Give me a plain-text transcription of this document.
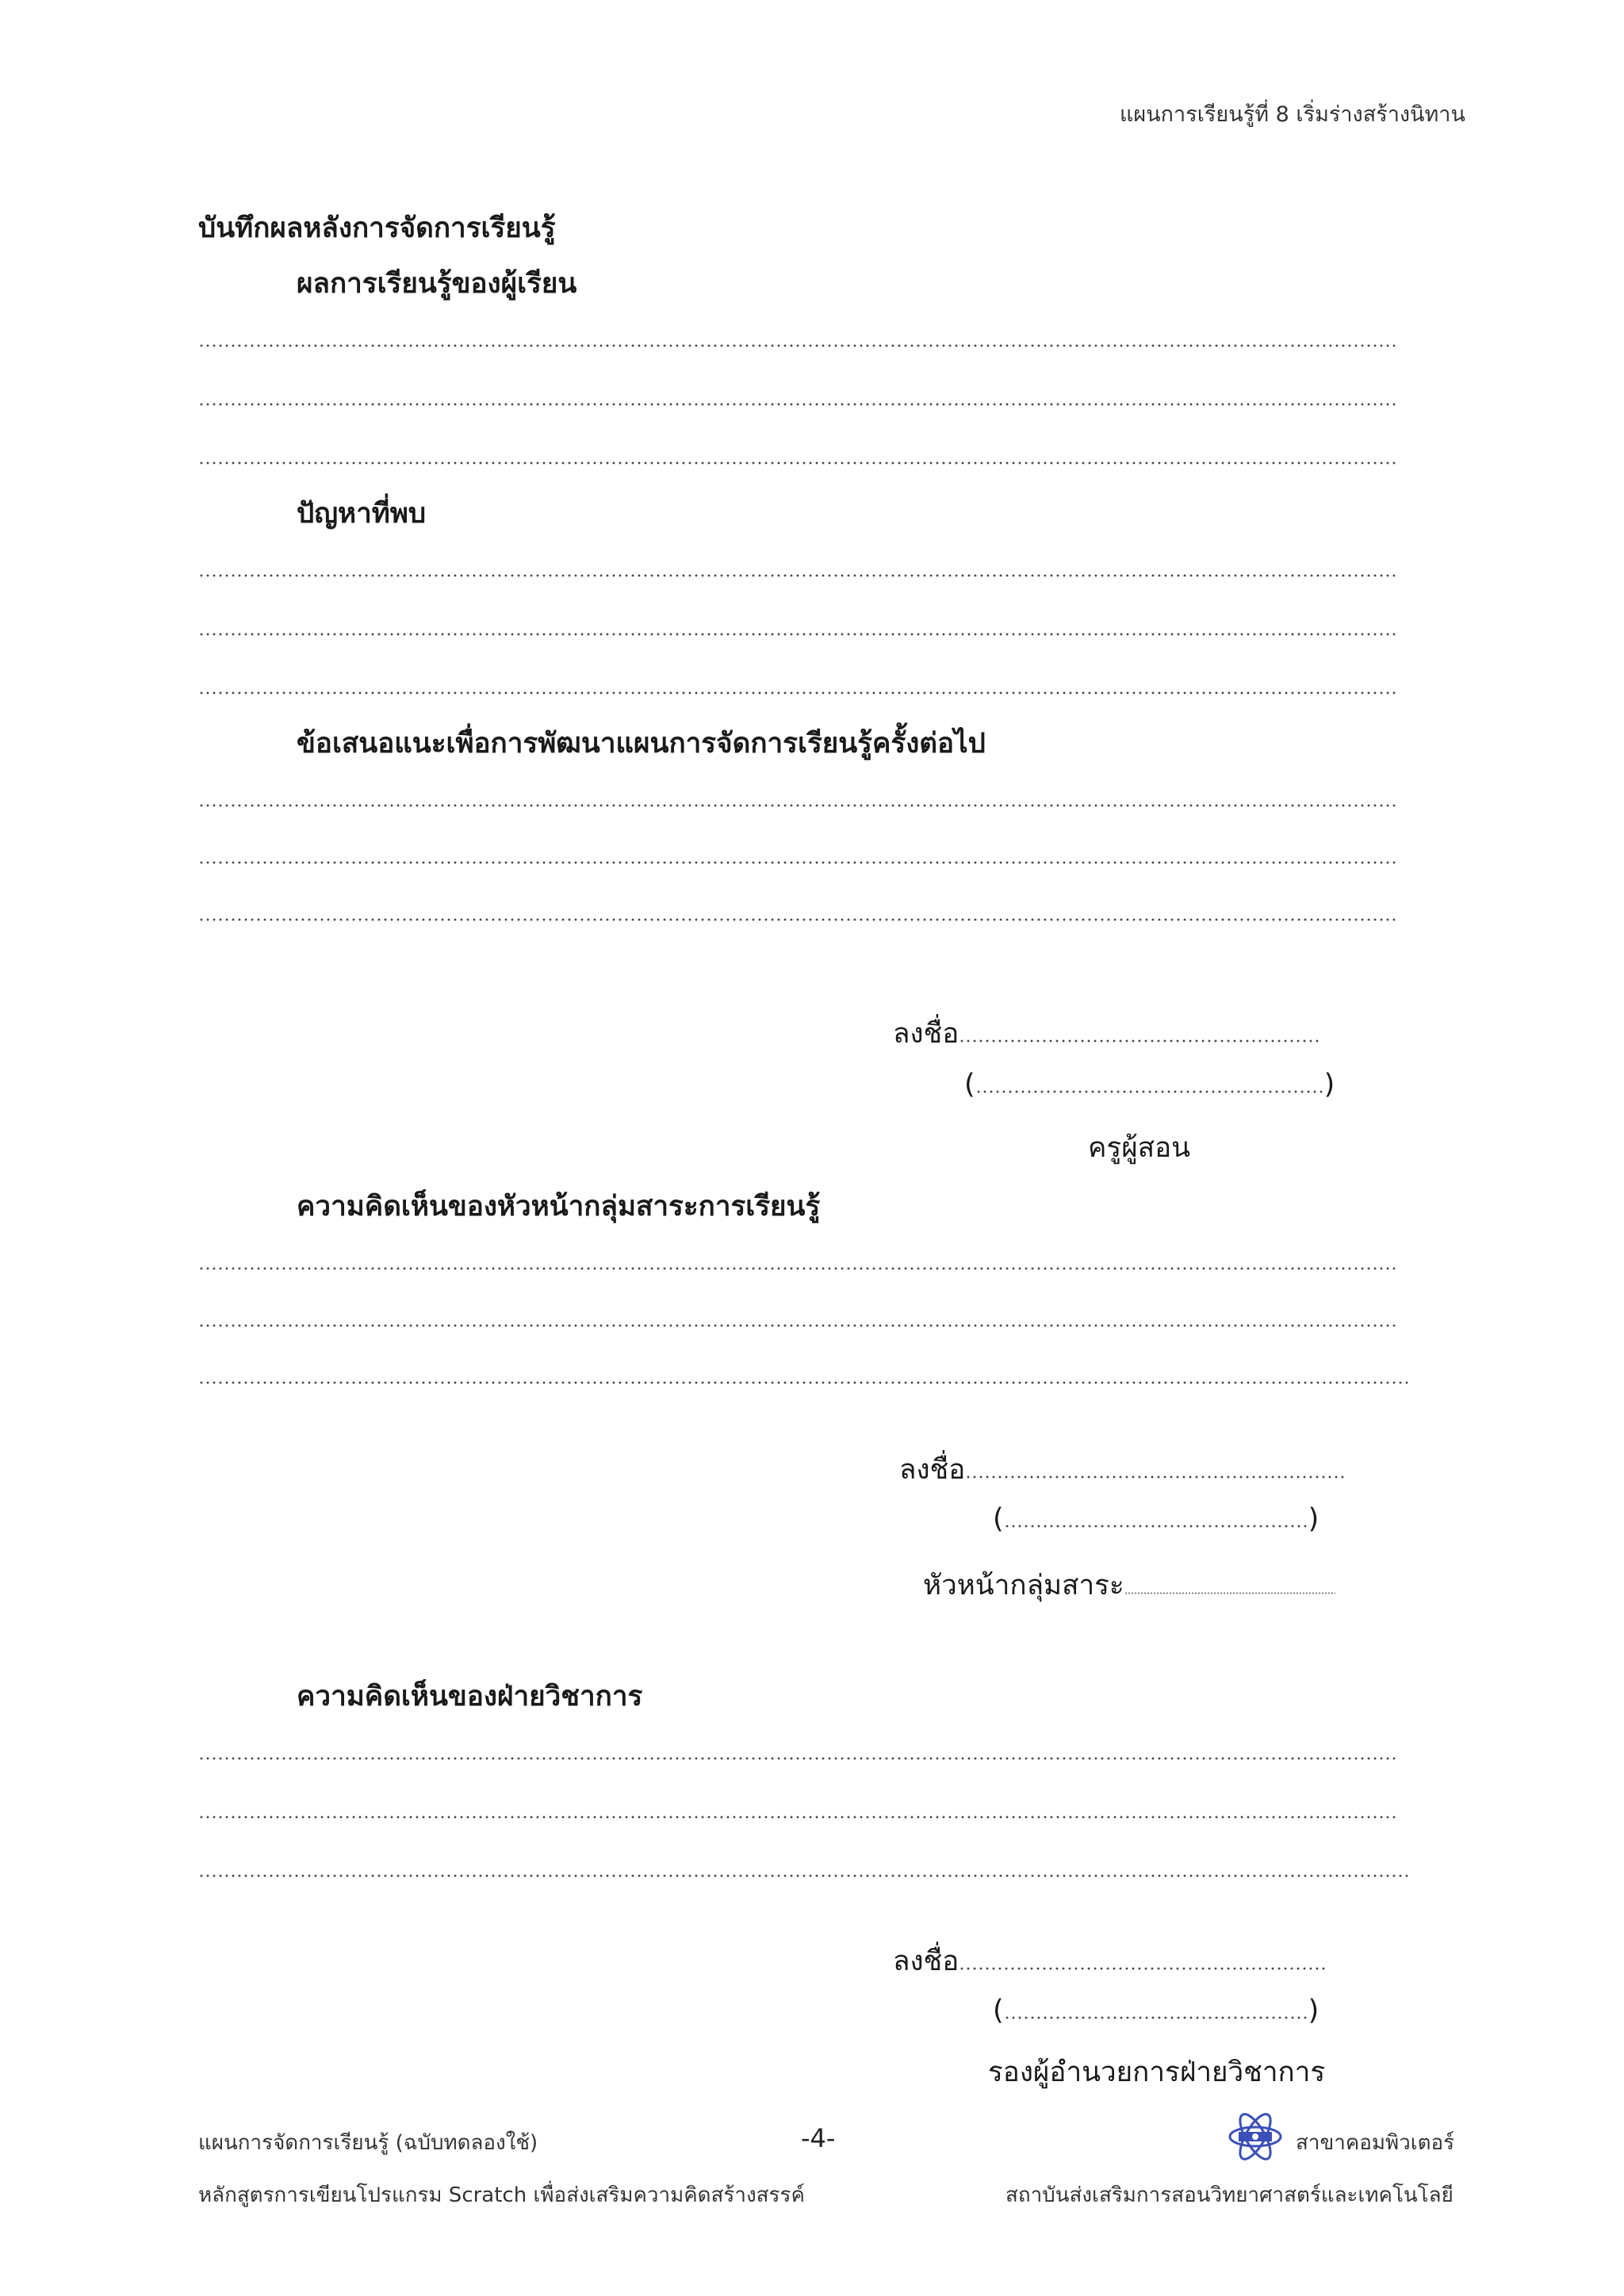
แผนการเรียนรู้ที่ 8 เริ่มร่างสร้างนิทาน
บันทึกผลหลังการจัดการเรียนรู้
ผลการเรียนรู้ของผู้เรียน
ปัญหาที่พบ
ข้อเสนอแนะเพื่อการพัฒนาแผนการจัดการเรียนรู้ครั้งต่อไป
ลงชื่อ
(	)
ครูผู้สอน
ความคิดเห็นของหัวหน้ากลุ่มสาระการเรียนรู้
ลงชื่อ
(	)
หัวหน้ากลุ่มสาระ
ความคิดเห็นของฝ่ายวิชาการ
ลงชื่อ
(	)
รองผู้อำนวยการฝ่ายวิชาการ
แผนการจัดการเรียนรู้ (ฉบับทดลองใช้)
หลักสูตรการเขียนโปรแกรม Scratch เพื่อส่งเสริมความคิดสร้างสรรค์
-4-	สาขาคอมพิวเตอร์
สถาบันส่งเสริมการสอนวิทยาศาสตร์และเทคโนโลยี
